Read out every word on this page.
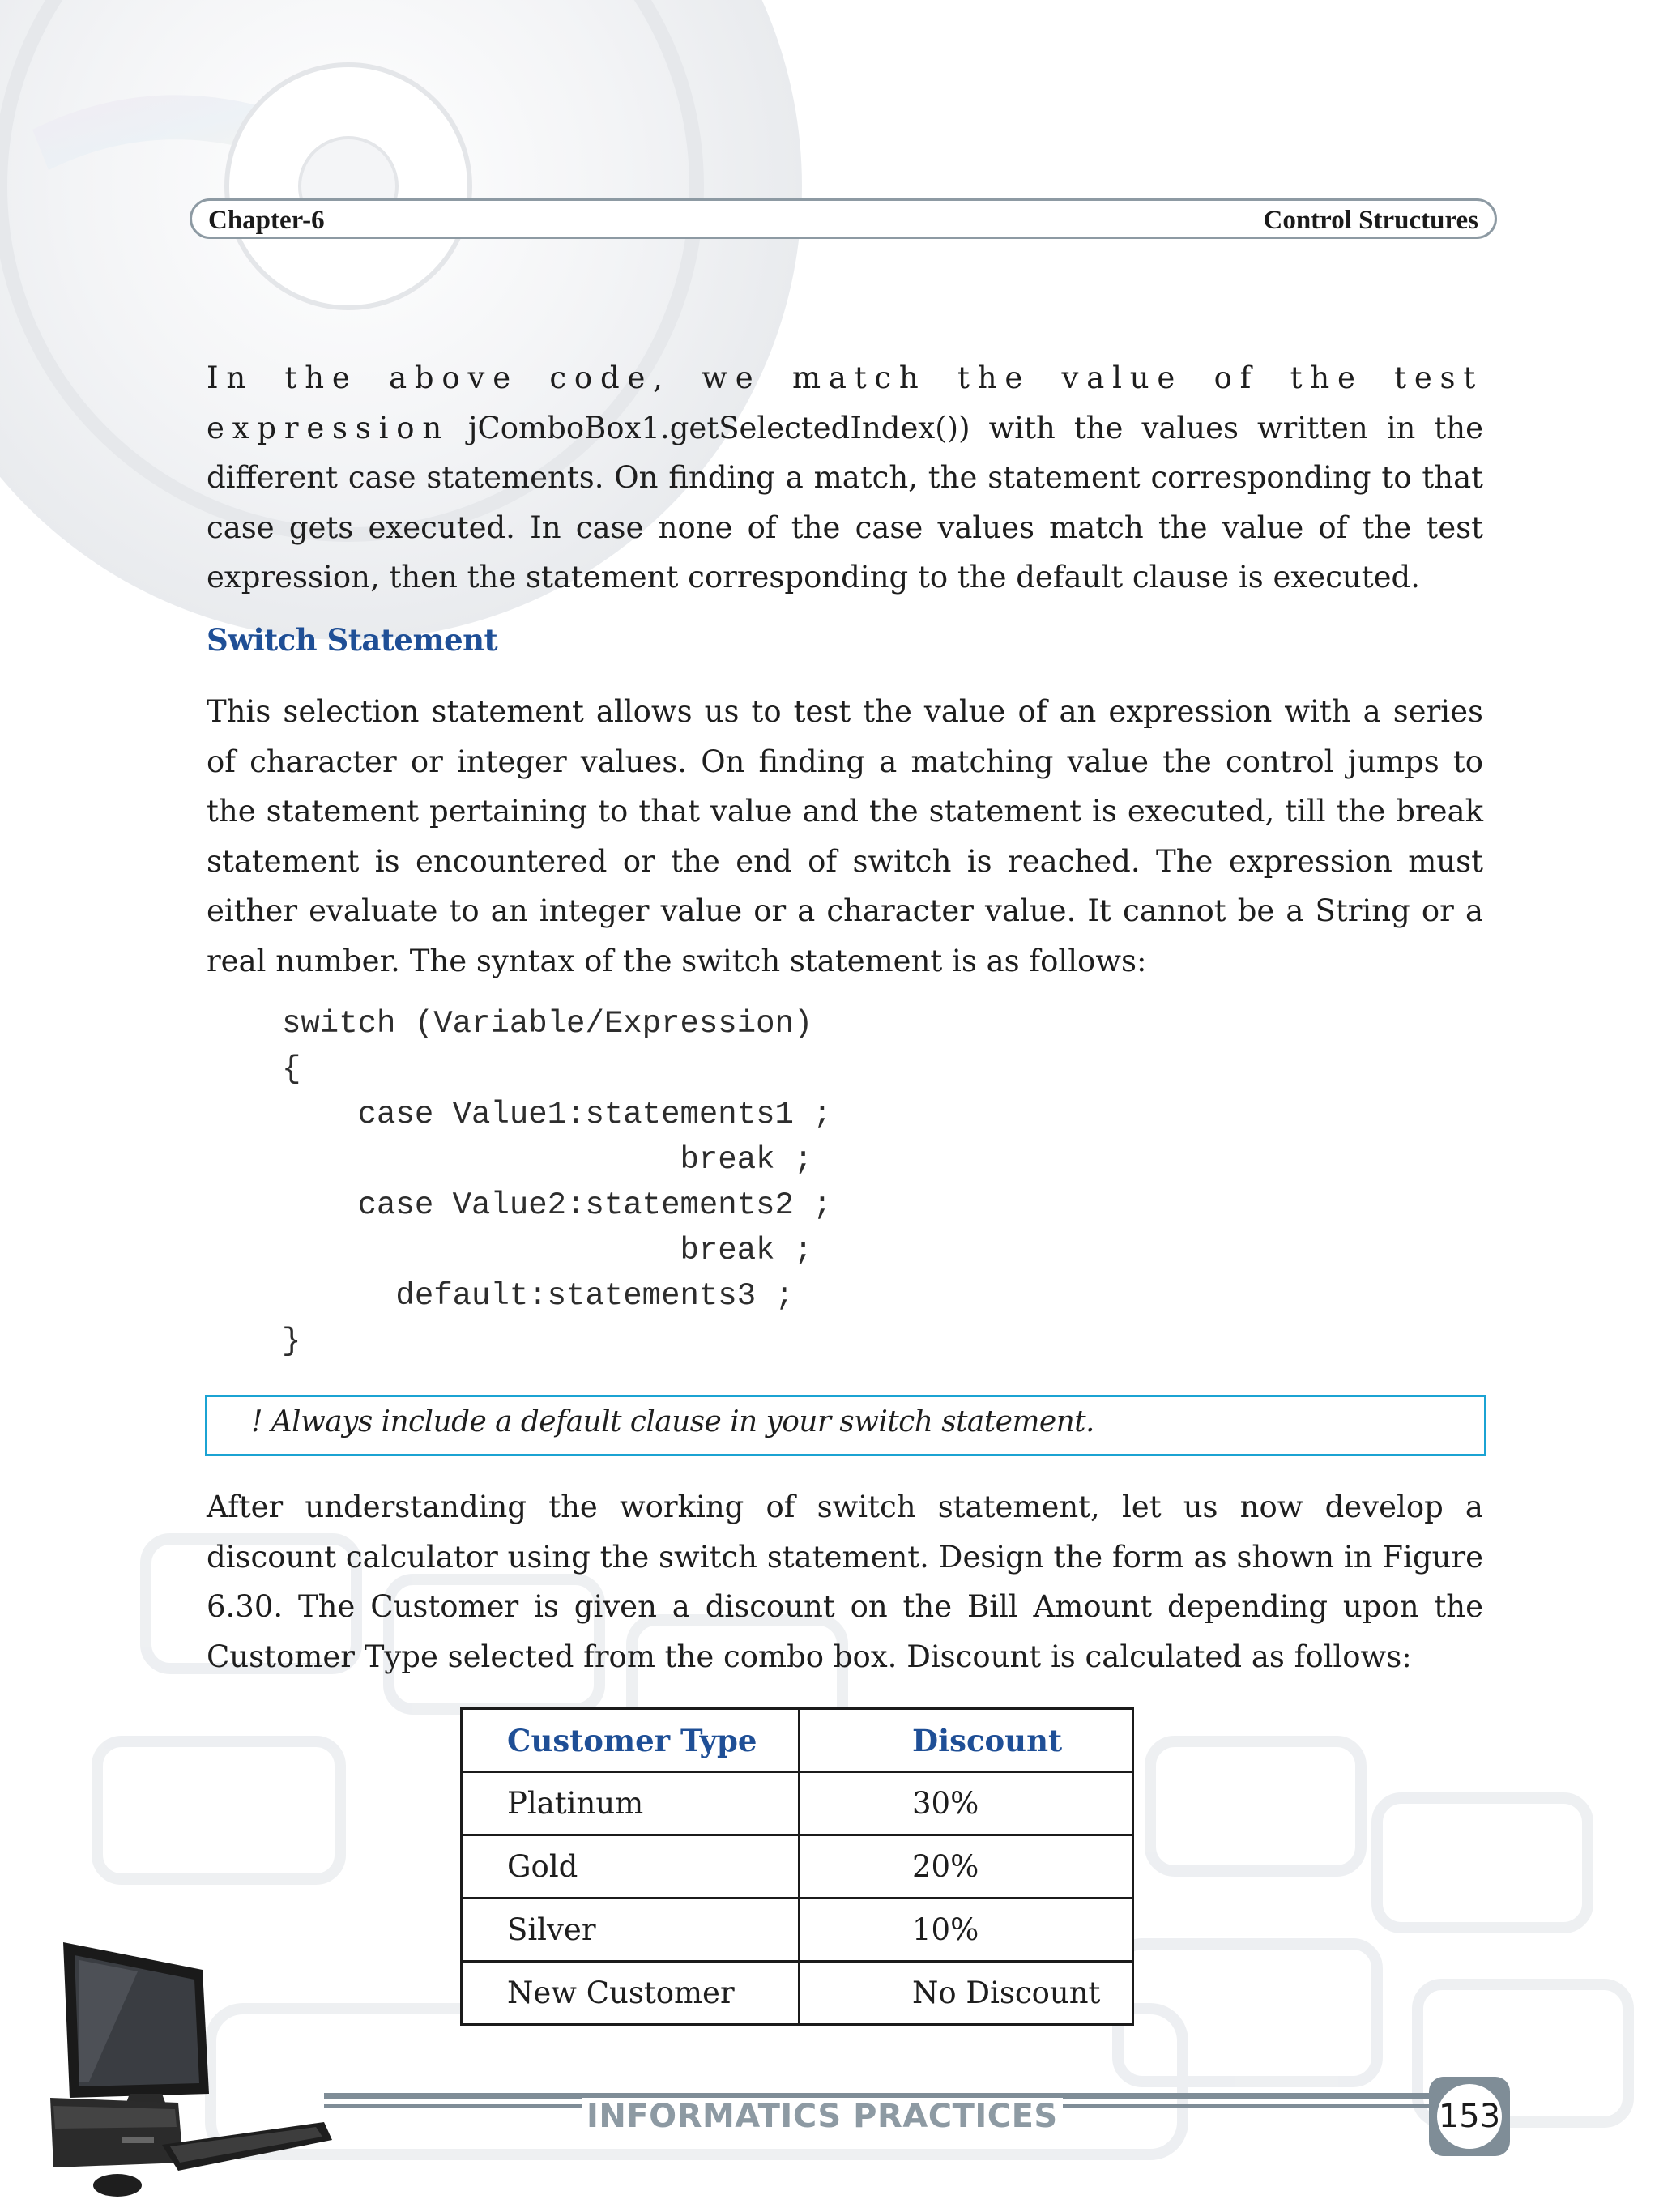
Chapter-6	Control Structures

In the above code, we match the value of the test expression jComboBox1.getSelectedIndex()) with the values written in the different case statements. On finding a match, the statement corresponding to that case gets executed. In case none of the case values match the value of the test expression, then the statement corresponding to the default clause is executed.

Switch Statement

This selection statement allows us to test the value of an expression with a series of character or integer values. On finding a matching value the control jumps to the statement pertaining to that value and the statement is executed, till the break statement is encountered or the end of switch is reached. The expression must either evaluate to an integer value or a character value. It cannot be a String or a real number. The syntax of the switch statement is as follows:

switch (Variable/Expression)
{
case Value1:statements1 ;
break ;
case Value2:statements2 ;
break ;
default:statements3 ;
}
! Always include a default clause in your switch statement.

After understanding the working of switch statement, let us now develop a discount calculator using the switch statement. Design the form as shown in Figure 6.30. The Customer is given a discount on the Bill Amount depending upon the Customer Type selected from the combo box. Discount is calculated as follows:

Customer Type	Discount
Platinum	30%
Gold	20%
Silver	10%
New Customer	No Discount
INFORMATICS PRACTICES	153
